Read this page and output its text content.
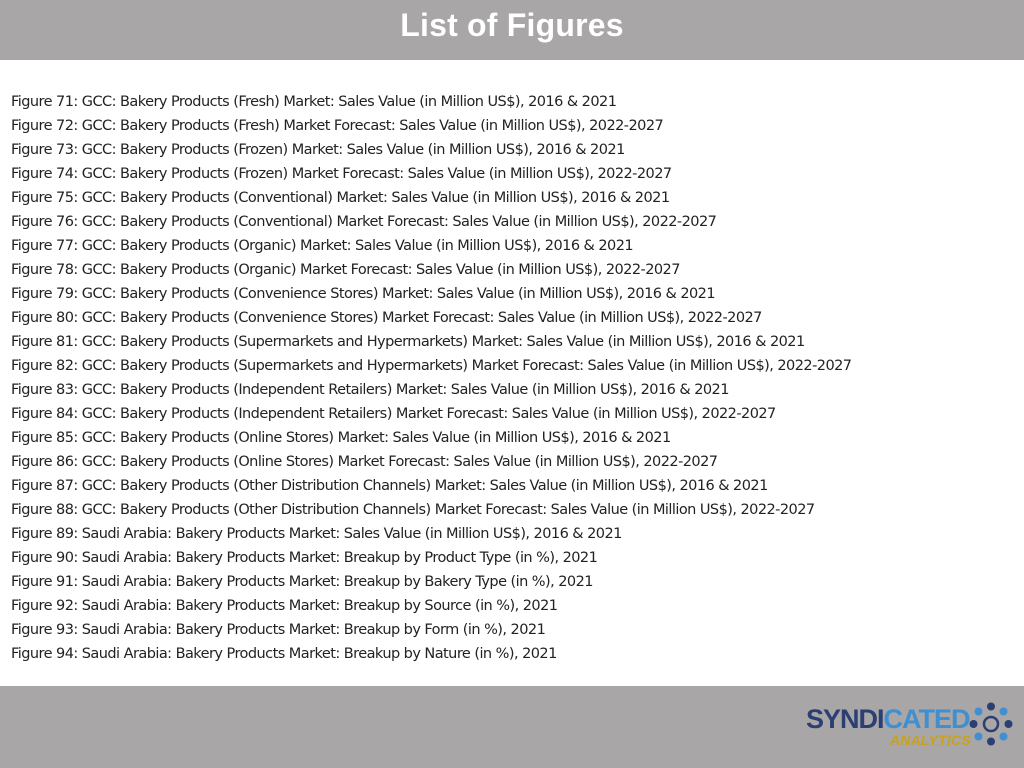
List of Figures
Figure 71: GCC: Bakery Products (Fresh) Market: Sales Value (in Million US$), 2016 & 2021
Figure 72: GCC: Bakery Products (Fresh) Market Forecast: Sales Value (in Million US$), 2022-2027
Figure 73: GCC: Bakery Products (Frozen) Market: Sales Value (in Million US$), 2016 & 2021
Figure 74: GCC: Bakery Products (Frozen) Market Forecast: Sales Value (in Million US$), 2022-2027
Figure 75: GCC: Bakery Products (Conventional) Market: Sales Value (in Million US$), 2016 & 2021
Figure 76: GCC: Bakery Products (Conventional) Market Forecast: Sales Value (in Million US$), 2022-2027
Figure 77: GCC: Bakery Products (Organic) Market: Sales Value (in Million US$), 2016 & 2021
Figure 78: GCC: Bakery Products (Organic) Market Forecast: Sales Value (in Million US$), 2022-2027
Figure 79: GCC: Bakery Products (Convenience Stores) Market: Sales Value (in Million US$), 2016 & 2021
Figure 80: GCC: Bakery Products (Convenience Stores) Market Forecast: Sales Value (in Million US$), 2022-2027
Figure 81: GCC: Bakery Products (Supermarkets and Hypermarkets) Market: Sales Value (in Million US$), 2016 & 2021
Figure 82: GCC: Bakery Products (Supermarkets and Hypermarkets) Market Forecast: Sales Value (in Million US$), 2022-2027
Figure 83: GCC: Bakery Products (Independent Retailers) Market: Sales Value (in Million US$), 2016 & 2021
Figure 84: GCC: Bakery Products (Independent Retailers) Market Forecast: Sales Value (in Million US$), 2022-2027
Figure 85: GCC: Bakery Products (Online Stores) Market: Sales Value (in Million US$), 2016 & 2021
Figure 86: GCC: Bakery Products (Online Stores) Market Forecast: Sales Value (in Million US$), 2022-2027
Figure 87: GCC: Bakery Products (Other Distribution Channels) Market: Sales Value (in Million US$), 2016 & 2021
Figure 88: GCC: Bakery Products (Other Distribution Channels) Market Forecast: Sales Value (in Million US$), 2022-2027
Figure 89: Saudi Arabia: Bakery Products Market: Sales Value (in Million US$), 2016 & 2021
Figure 90: Saudi Arabia: Bakery Products Market: Breakup by Product Type (in %), 2021
Figure 91: Saudi Arabia: Bakery Products Market: Breakup by Bakery Type (in %), 2021
Figure 92: Saudi Arabia: Bakery Products Market: Breakup by Source (in %), 2021
Figure 93: Saudi Arabia: Bakery Products Market: Breakup by Form (in %), 2021
Figure 94: Saudi Arabia: Bakery Products Market: Breakup by Nature (in %), 2021
SYNDICATED
ANALYTICS
